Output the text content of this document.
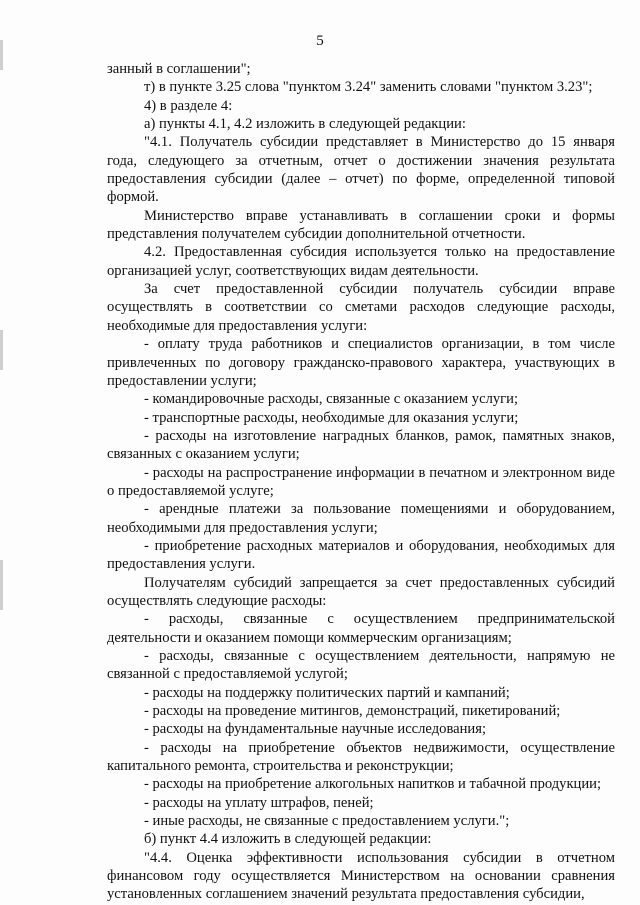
5

занный в соглашении";

т) в пункте 3.25 слова "пунктом 3.24" заменить словами "пунктом 3.23";

4) в разделе 4:

а) пункты 4.1, 4.2 изложить в следующей редакции:

"4.1. Получатель субсидии представляет в Министерство до 15 января года, следующего за отчетным, отчет о достижении значения результата предоставления субсидии (далее – отчет) по форме, определенной типовой формой.

Министерство вправе устанавливать в соглашении сроки и формы представления получателем субсидии дополнительной отчетности.

4.2. Предоставленная субсидия используется только на предоставление организацией услуг, соответствующих видам деятельности.

За счет предоставленной субсидии получатель субсидии вправе осуществлять в соответствии со сметами расходов следующие расходы, необходимые для предоставления услуги:

- оплату труда работников и специалистов организации, в том числе привлеченных по договору гражданско-правового характера, участвующих в предоставлении услуги;

- командировочные расходы, связанные с оказанием услуги;

- транспортные расходы, необходимые для оказания услуги;

- расходы на изготовление наградных бланков, рамок, памятных знаков, связанных с оказанием услуги;

- расходы на распространение информации в печатном и электронном виде о предоставляемой услуге;

- арендные платежи за пользование помещениями и оборудованием, необходимыми для предоставления услуги;

- приобретение расходных материалов и оборудования, необходимых для предоставления услуги.

Получателям субсидий запрещается за счет предоставленных субсидий осуществлять следующие расходы:

- расходы, связанные с осуществлением предпринимательской деятельности и оказанием помощи коммерческим организациям;

- расходы, связанные с осуществлением деятельности, напрямую не связанной с предоставляемой услугой;

- расходы на поддержку политических партий и кампаний;

- расходы на проведение митингов, демонстраций, пикетирований;

- расходы на фундаментальные научные исследования;

- расходы на приобретение объектов недвижимости, осуществление капитального ремонта, строительства и реконструкции;

- расходы на приобретение алкогольных напитков и табачной продукции;

- расходы на уплату штрафов, пеней;

- иные расходы, не связанные с предоставлением услуги.";

б) пункт 4.4 изложить в следующей редакции:

"4.4. Оценка эффективности использования субсидии в отчетном финансовом году осуществляется Министерством на основании сравнения установленных соглашением значений результата предоставления субсидии,
